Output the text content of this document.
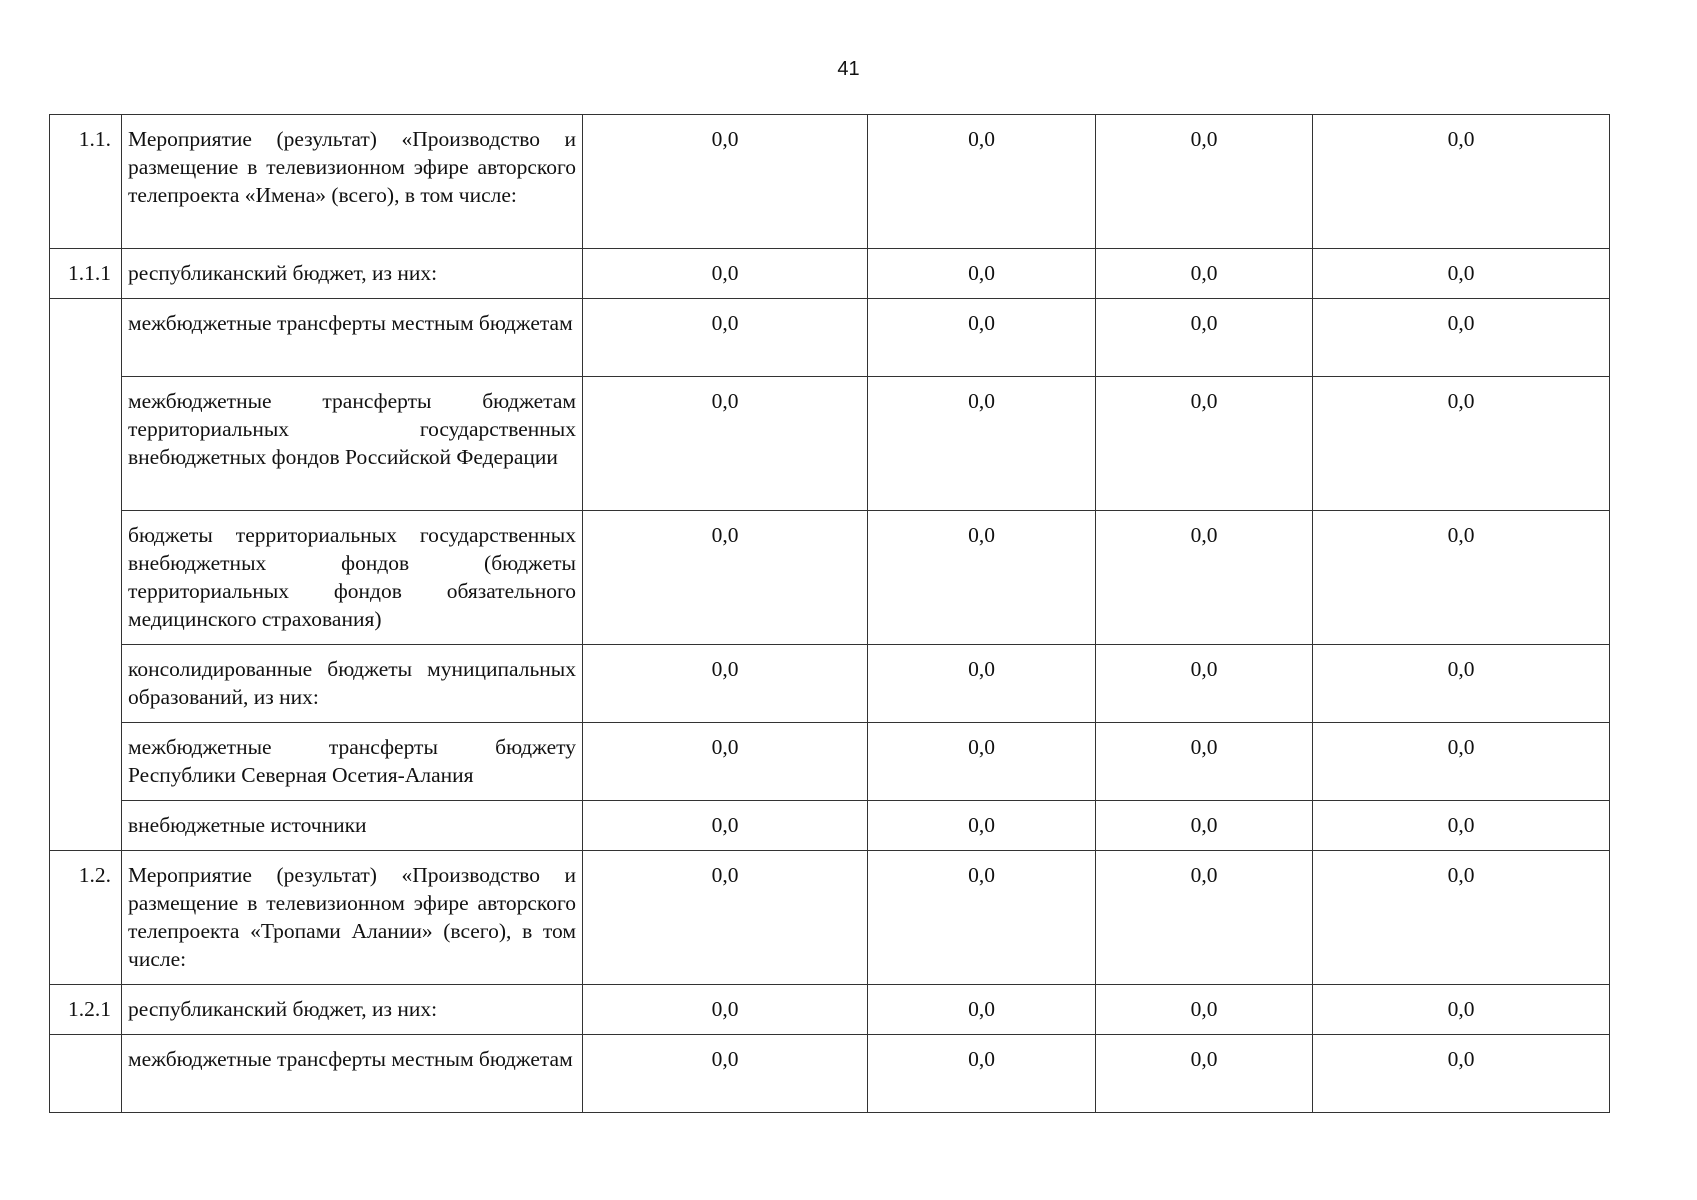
41
1.1.	Мероприятие (результат) «Производство и размещение в телевизионном эфире авторского телепроекта «Имена» (всего), в том числе:	0,0	0,0	0,0	0,0
1.1.1	республиканский бюджет, из них:	0,0	0,0	0,0	0,0
	межбюджетные трансферты местным бюджетам	0,0	0,0	0,0	0,0
	межбюджетные трансферты бюджетам территориальных государственных внебюджетных фондов Российской Федерации	0,0	0,0	0,0	0,0
	бюджеты территориальных государственных внебюджетных фондов (бюджеты территориальных фондов обязательного медицинского страхования)	0,0	0,0	0,0	0,0
	консолидированные бюджеты муниципальных образований, из них:	0,0	0,0	0,0	0,0
	межбюджетные трансферты бюджету Республики Северная Осетия-Алания	0,0	0,0	0,0	0,0
	внебюджетные источники	0,0	0,0	0,0	0,0
1.2.	Мероприятие (результат) «Производство и размещение в телевизионном эфире авторского телепроекта «Тропами Алании» (всего), в том числе:	0,0	0,0	0,0	0,0
1.2.1	республиканский бюджет, из них:	0,0	0,0	0,0	0,0
	межбюджетные трансферты местным бюджетам	0,0	0,0	0,0	0,0
